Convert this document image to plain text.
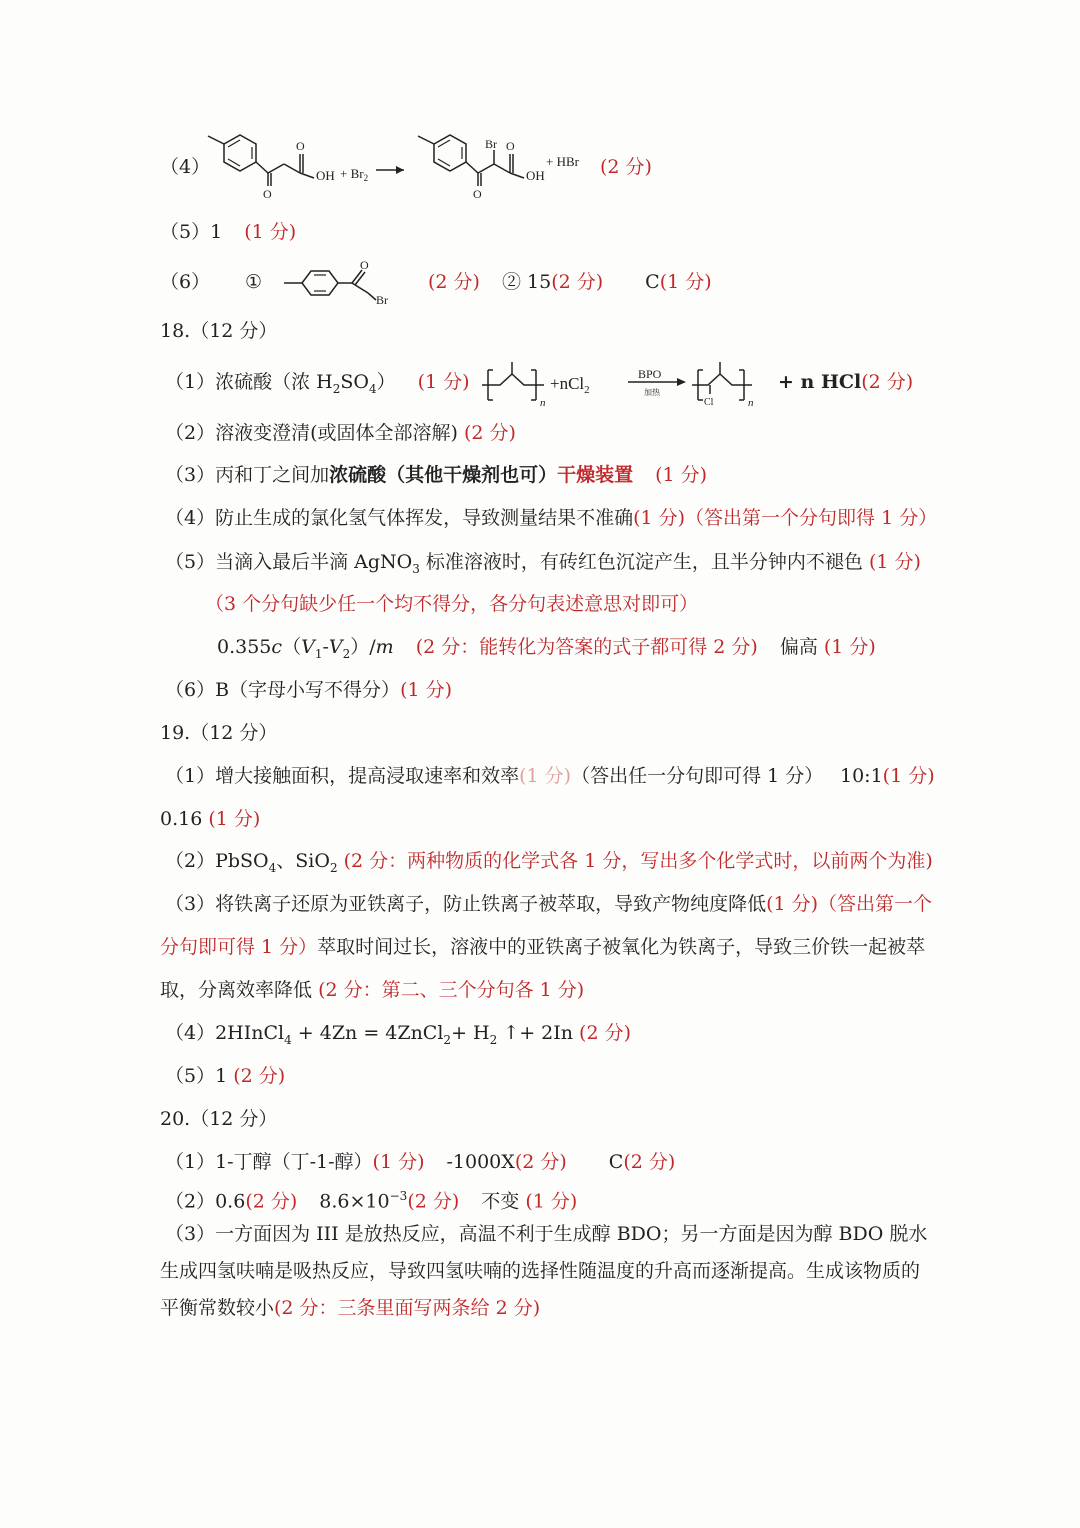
（4）
O
O
OH + $Br_2$
O
Br O
OH
+ HBr (2 分)
（5）1 (1 分)
（6） ①
O
Br
(2 分) ② 15(2 分) C(1 分)
18.（12 分）
（1）浓硫酸（浓 $H_2SO_4$） (1 分)
n
+nCl$_2$
BPO
加热
Cl	n
+ n HCl(2 分)
（2）溶液变澄清(或固体全部溶解) (2 分)
（3）丙和丁之间加浓硫酸（其他干燥剂也可）干燥装置 (1 分)
（4）防止生成的氯化氢气体挥发，导致测量结果不准确(1 分)（答出第一个分句即得 1 分）
（5）当滴入最后半滴 AgNO$_3$ 标准溶液时，有砖红色沉淀产生，且半分钟内不褪色 (1 分)
（3 个分句缺少任一个均不得分，各分句表述意思对即可）
$0.355c(V_1-V_2)/m$ (2 分：能转化为答案的式子都可得 2 分) 偏高 (1 分)
（6）B（字母小写不得分）(1 分)
19.（12 分）
（1）增大接触面积，提高浸取速率和效率(1 分)（答出任一分句即可得 1 分） 10:1(1 分)
0.16 (1 分)
（2）PbSO$_4$、SiO$_2$ (2 分：两种物质的化学式各 1 分，写出多个化学式时，以前两个为准)
（3）将铁离子还原为亚铁离子，防止铁离子被萃取，导致产物纯度降低(1 分)（答出第一个
分句即可得 1 分）萃取时间过长，溶液中的亚铁离子被氧化为铁离子，导致三价铁一起被萃
取，分离效率降低 (2 分：第二、三个分句各 1 分)
（4）2HInCl$_4$ + 4Zn = 4ZnCl$_2$+ $H_2$ ↑+ 2In (2 分)
（5）1 (2 分)
20.（12 分）
（1）1-丁醇（丁-1-醇）(1 分) -1000X(2 分) C(2 分)
（2）0.6(2 分) $8.6\times 10^{-3}(2$ 分) 不变 (1 分)
（3）一方面因为 III 是放热反应，高温不利于生成醇 BDO；另一方面是因为醇 BDO 脱水
生成四氢呋喃是吸热反应，导致四氢呋喃的选择性随温度的升高而逐渐提高。生成该物质的
平衡常数较小(2 分：三条里面写两条给 2 分)
